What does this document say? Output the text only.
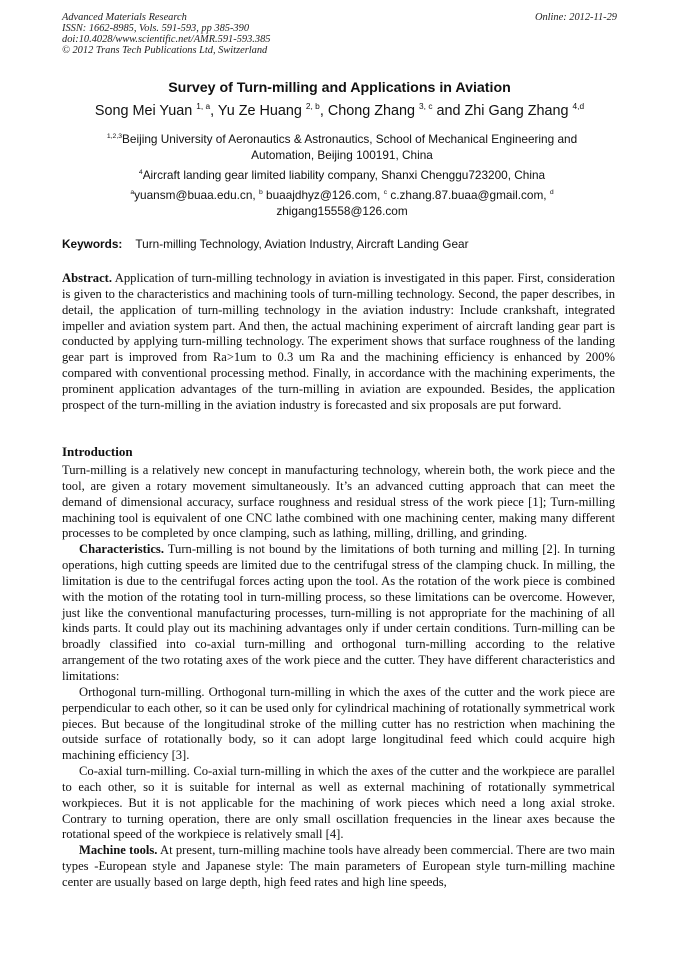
Advanced Materials Research
ISSN: 1662-8985, Vols. 591-593, pp 385-390
doi:10.4028/www.scientific.net/AMR.591-593.385
© 2012 Trans Tech Publications Ltd, Switzerland
Online: 2012-11-29
Survey of Turn-milling and Applications in Aviation
Song Mei Yuan $^{1, a}$, Yu Ze Huang $^{2, b}$, Chong Zhang $^{3, c}$ and Zhi Gang Zhang $^{4,d}$
$^{1,2,3}$Beijing University of Aeronautics & Astronautics, School of Mechanical Engineering and
Automation, Beijing 100191, China
$^4$Aircraft landing gear limited liability company, Shanxi Chenggu723200, China
$^a$yuansm@buaa.edu.cn, $^b$ buaajdhyz@126.com, $^c$ c.zhang.87.buaa@gmail.com, $^d$
zhigang15558@126.com
Keywords: Turn-milling Technology, Aviation Industry, Aircraft Landing Gear

Abstract. Application of turn-milling technology in aviation is investigated in this paper. First, consideration is given to the characteristics and machining tools of turn-milling technology. Second, the paper describes, in detail, the application of turn-milling technology in the aviation industry: Include crankshaft, integrated impeller and aviation system part. And then, the actual machining experiment of aircraft landing gear part is conducted by applying turn-milling technology. The experiment shows that surface roughness of the landing gear part is improved from Ra>1um to 0.3 um Ra and the machining efficiency is enhanced by 200% compared with conventional processing method. Finally, in accordance with the machining experiments, the prominent application advantages of the turn-milling in aviation are expounded. Besides, the application prospect of the turn-milling in the aviation industry is forecasted and six proposals are put forward.

Introduction

Turn-milling is a relatively new concept in manufacturing technology, wherein both, the work piece and the tool, are given a rotary movement simultaneously. It’s an advanced cutting approach that can meet the demand of dimensional accuracy, surface roughness and residual stress of the work piece [1]; Turn-milling machining tool is equivalent of one CNC lathe combined with one machining center, making many different processes to be completed by once clamping, such as lathing, milling, drilling, and grinding.

Characteristics. Turn-milling is not bound by the limitations of both turning and milling [2]. In turning operations, high cutting speeds are limited due to the centrifugal stress of the clamping chuck. In milling, the limitation is due to the centrifugal forces acting upon the tool. As the rotation of the work piece is combined with the motion of the rotating tool in turn-milling process, so these limitations can be overcome. However, just like the conventional manufacturing processes, turn-milling is not appropriate for the machining of all kinds parts. It could play out its machining advantages only if under certain conditions. Turn-milling can be broadly classified into co-axial turn-milling and orthogonal turn-milling according to the relative arrangement of the two rotating axes of the work piece and the cutter. They have different characteristics and limitations:

Orthogonal turn-milling. Orthogonal turn-milling in which the axes of the cutter and the work piece are perpendicular to each other, so it can be used only for cylindrical machining of rotationally symmetrical work pieces. But because of the longitudinal stroke of the milling cutter has no restriction when machining the outside surface of rotationally body, so it can adopt large longitudinal feed which could acquire high machining efficiency [3].

Co-axial turn-milling. Co-axial turn-milling in which the axes of the cutter and the workpiece are parallel to each other, so it is suitable for internal as well as external machining of rotationally symmetrical workpieces. But it is not applicable for the machining of work pieces which need a long axial stroke. Contrary to turning operation, there are only small oscillation frequencies in the linear axes because the rotational speed of the workpiece is relatively small [4].

Machine tools. At present, turn-milling machine tools have already been commercial. There are two main types -European style and Japanese style: The main parameters of European style turn-milling machine center are usually based on large depth, high feed rates and high line speeds,
